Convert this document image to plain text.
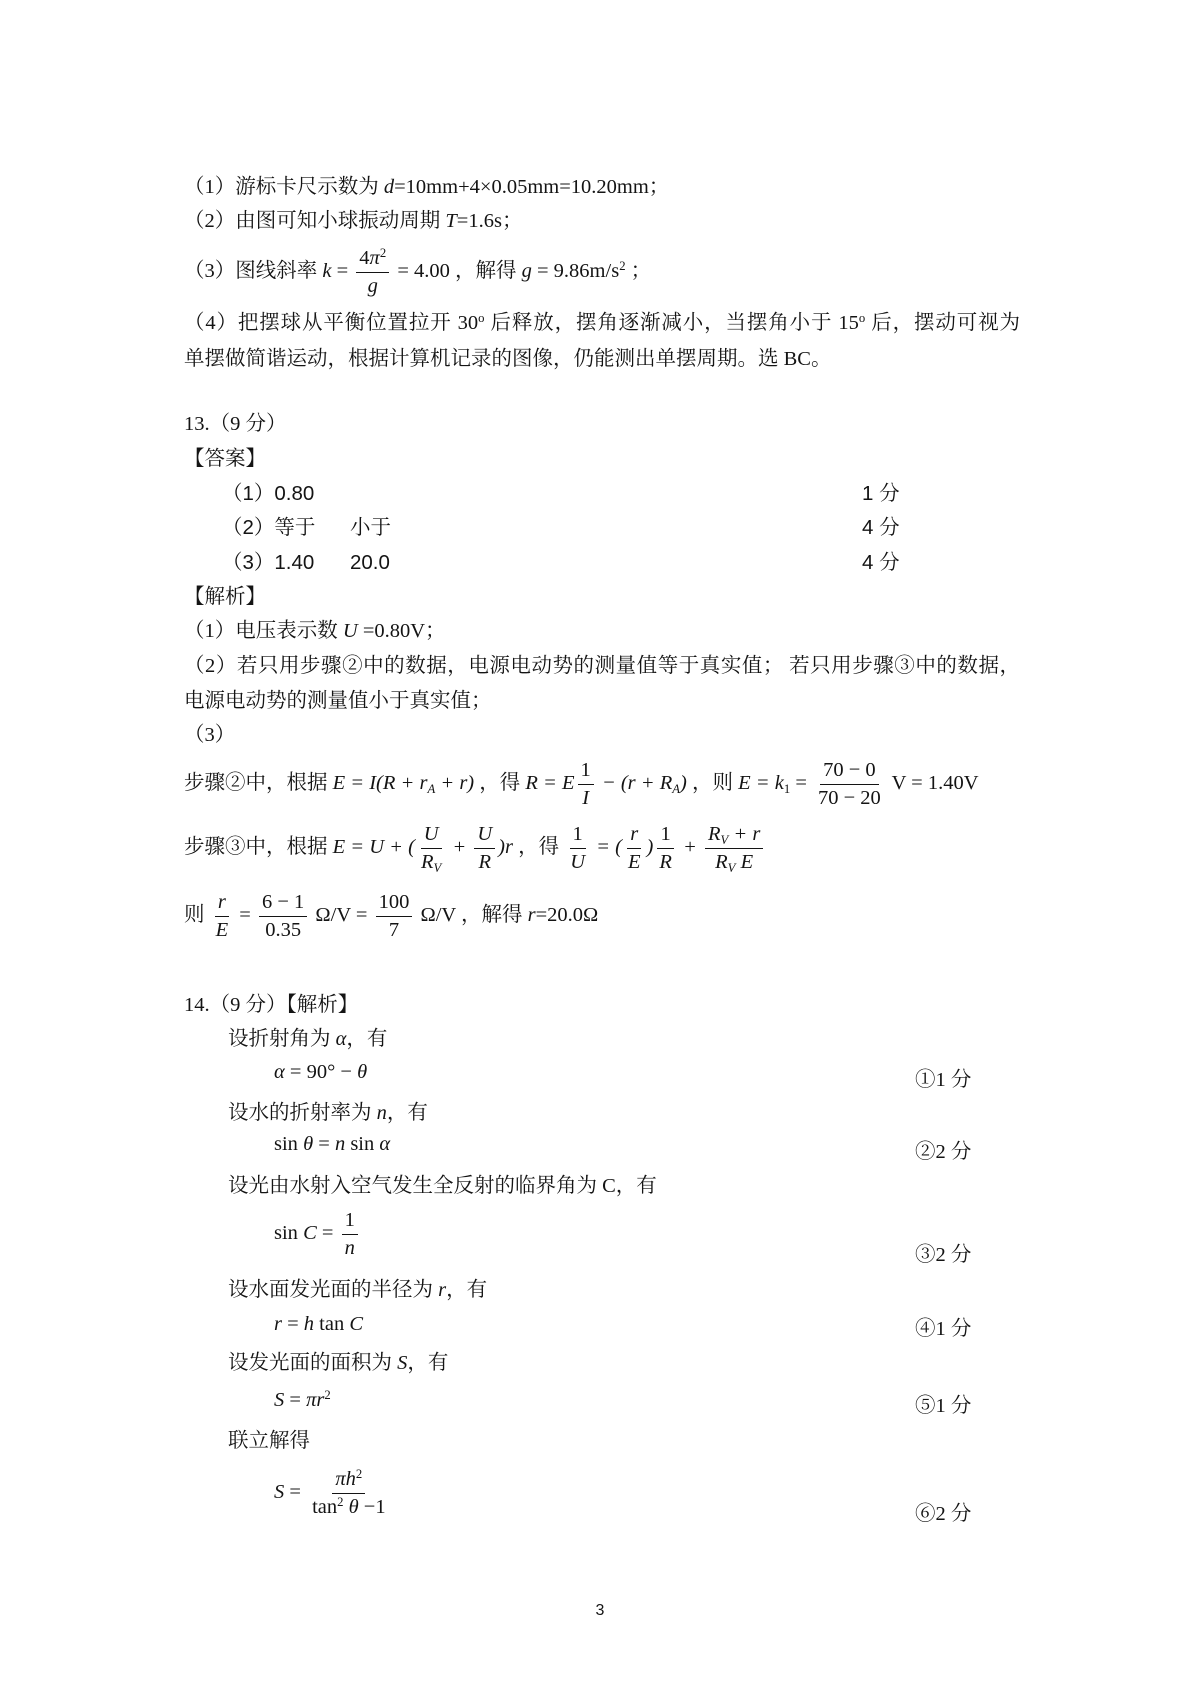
（1）游标卡尺示数为 d=10mm+4×0.05mm=10.20mm；
（2）由图可知小球振动周期 T=1.6s；
（3）图线斜率 $k = \frac{4\pi^2}{g} = 4.00$ ，解得 $g = 9.86m/s^2$ ；
（4）把摆球从平衡位置拉开 30$^o$ 后释放，摆角逐渐减小，当摆角小于 15$^o$ 后，摆动可视为
单摆做简谐运动，根据计算机记录的图像，仍能测出单摆周期。选 BC。
13.（9 分）
【答案】
（1）0.80	1 分
（2）等于 小于	4 分
（3）1.40 20.0	4 分
【解析】
（1）电压表示数 U =0.80V；
（2）若只用步骤②中的数据，电源电动势的测量值等于真实值； 若只用步骤③中的数据，
电源电动势的测量值小于真实值；
（3）
步骤②中，根据 $E = I(R + r_A + r)$ ，得 R = E $\frac{1}{I} - (r + R_A)$ ，则 $E = k_1 = \frac{70 - 0}{70 - 20}$ V = 1.40V
步骤③中，根据 E = U + ( $\frac{U}{R_V} + \frac{U}{R} )r$ ，得 $\frac{1}{U}$ = ( $\frac{r}{E}$ ) $\frac{1}{R} + \frac{R_V + r}{R_V E}$
则 $\frac{r}{E} = \frac{6 - 1}{0.35} \Omega/V = \frac{100}{7} \Omega/V$ ，解得 r=20.0Ω
14.（9 分）【解析】
设折射角为 α，有
α = 90° − θ	①1 分
设水的折射率为 n，有
sin θ = n sin α	②2 分
设光由水射入空气发生全反射的临界角为 C，有
$\sin C = \frac{1}{n}$	③2 分
设水面发光面的半径为 r，有
r = h tan C	④1 分
设发光面的面积为 S，有
$S = \pi r^2$	⑤1 分
联立解得
$S = \frac{\pi h^2}{\tan^2 \theta -1}$	⑥2 分
3
